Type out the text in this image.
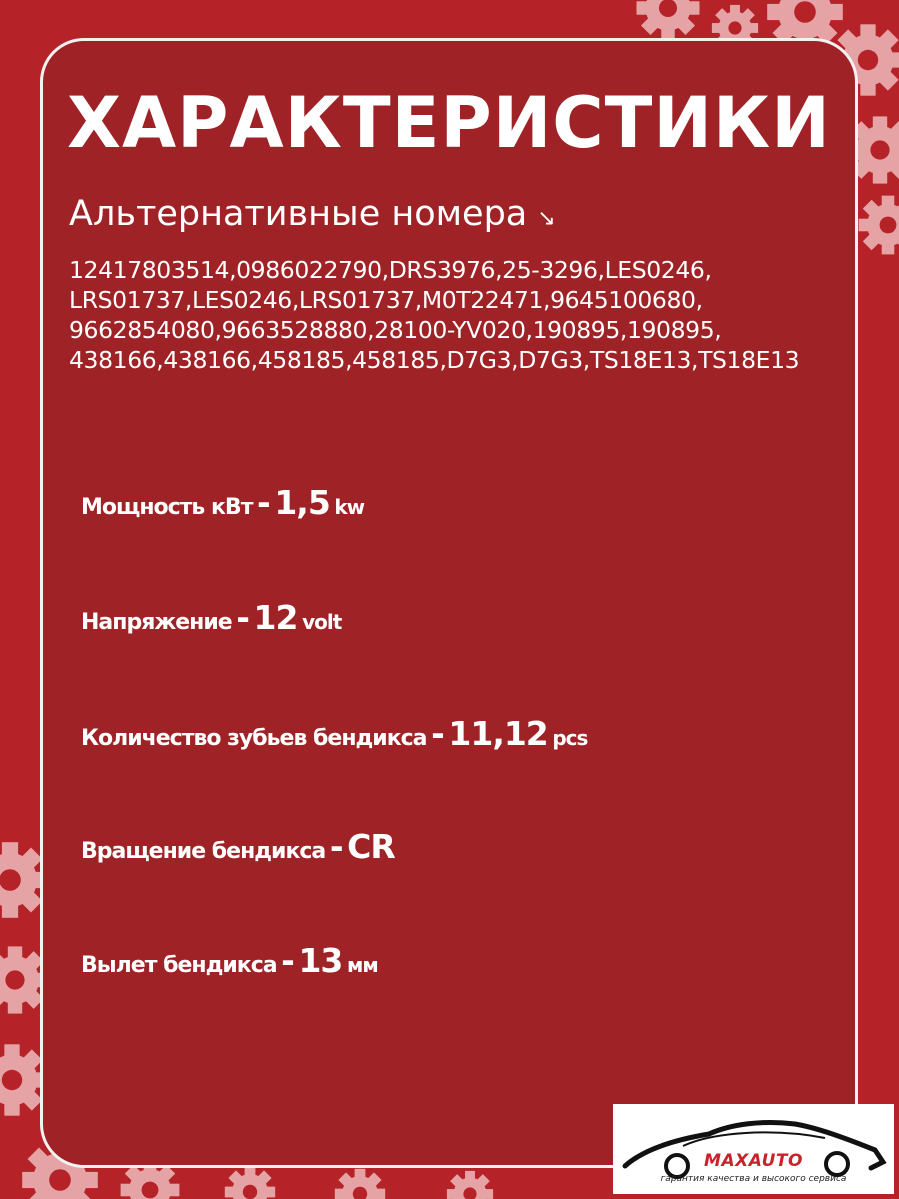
ХАРАКТЕРИСТИКИ
Альтернативные номера ↘
12417803514,0986022790,DRS3976,25-3296,LES0246,
LRS01737,LES0246,LRS01737,M0T22471,9645100680,
9662854080,9663528880,28100-YV020,190895,190895,
438166,438166,458185,458185,D7G3,D7G3,TS18E13,TS18E13
Мощность кВт - 1,5 kw
Напряжение - 12 volt
Количество зубьев бендикса - 11,12 pcs
Вращение бендикса - CR
Вылет бендикса - 13 мм
MAXAUTO
гарантия качества и высокого сервиса
